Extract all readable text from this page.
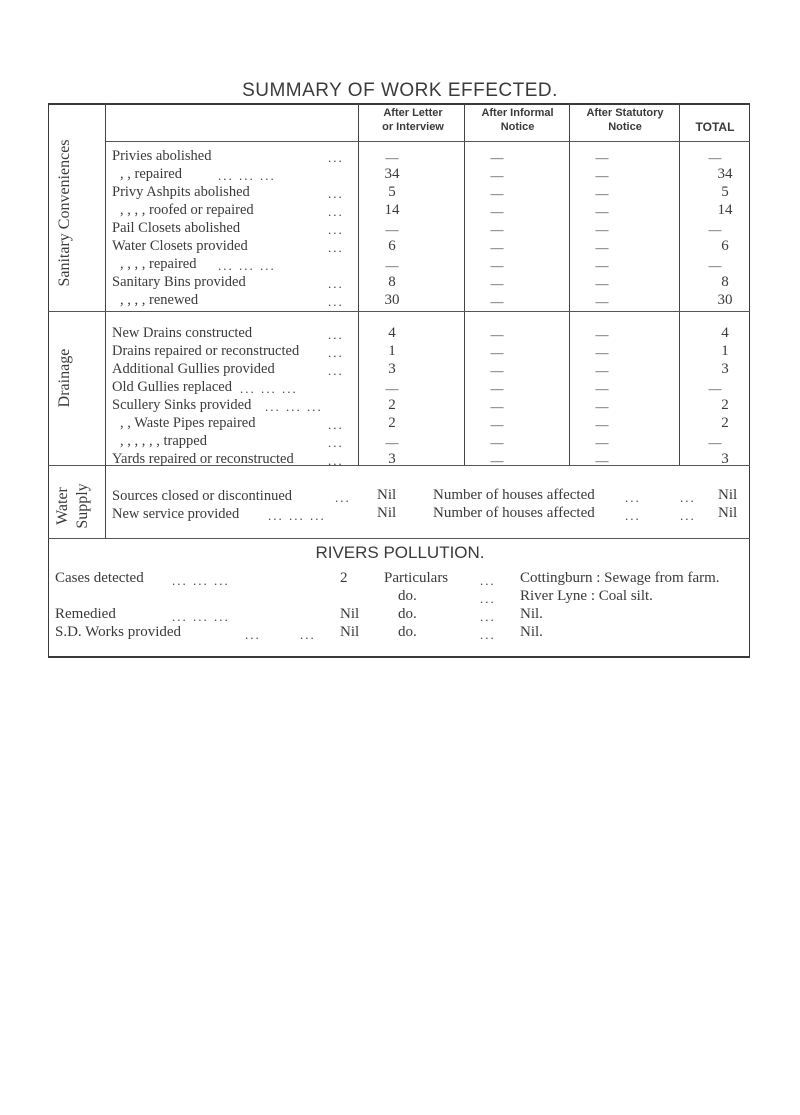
SUMMARY OF WORK EFFECTED.
After Letter or Interview
After Informal Notice
After Statutory Notice	TOTAL
Sanitary Conveniences
Drainage
Water Supply
Privies abolished	...	—	—	—	—
, , repaired	... ... ...	34	—	—	34
Privy Ashpits abolished	...	5	—	—	5
, , , , roofed or repaired	...	14	—	—	14
Pail Closets abolished	...	—	—	—	—
Water Closets provided	...	6	—	—	6
, , , , repaired ... ... ...	—	—	—	—
Sanitary Bins provided	...	8	—	—	8
, , , , renewed	...	30	—	—	30
New Drains constructed	...	4	—	—	4
Drains repaired or reconstructed ...	1	—	—	1
Additional Gullies provided	...	3	—	—	3
Old Gullies replaced ... ... ...	—	—	—	—
Scullery Sinks provided ... ... ...	2	—	—	2
, , Waste Pipes repaired	...	2	—	—	2
, , , , , , trapped	...	—	—	—	—
Yards repaired or reconstructed	...	3	—	—	3
Sources closed or discontinued	... Nil Number of houses affected ...	... Nil
New service provided ... ... ...	Nil Number of houses affected ...	... Nil
RIVERS POLLUTION.
Cases detected ... ... ...	2 Particulars ... Cottingburn : Sewage from farm.
do.	... River Lyne : Coal silt.
Remedied	... ... ...	Nil	do.	... Nil.
S.D. Works provided	...	... Nil	do.	... Nil.
